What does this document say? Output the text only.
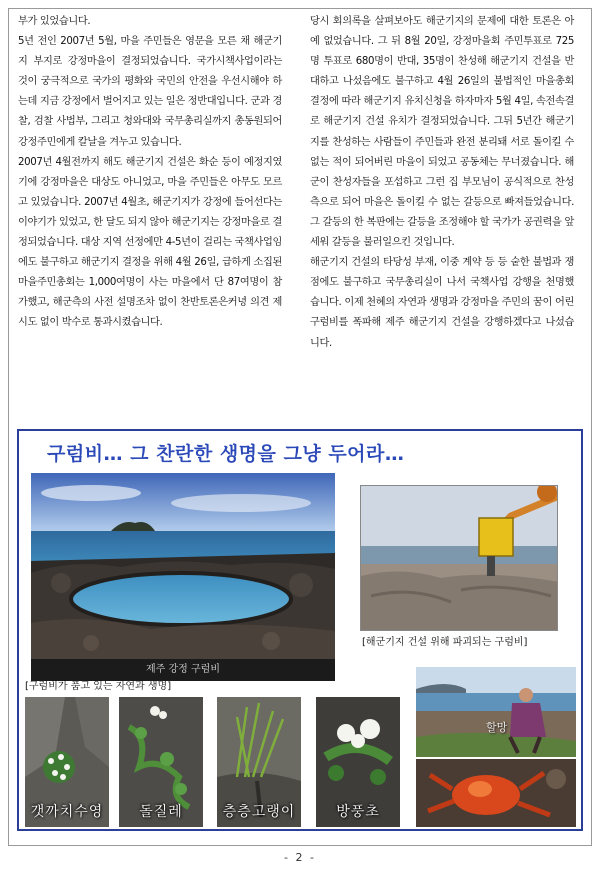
부가 있었습니다.

5년 전인 2007년 5월, 마을 주민들은 영문을 모른 채 해군기지 부지로 강정마을이 결정되었습니다. 국가시책사업이라는 것이 궁극적으로 국가의 평화와 국민의 안전을 우선시해야 하는데 지금 강정에서 벌어지고 있는 일은 정반대입니다. 군과 경찰, 검찰 사법부, 그리고 청와대와 국무총리실까지 총동원되어 강정주민에게 칼날을 겨누고 있습니다.

2007년 4월전까지 해도 해군기지 건설은 화순 등이 예정지였기에 강정마을은 대상도 아니었고, 마을 주민들은 아무도 모르고 있었습니다. 2007년 4월초, 해군기지가 강정에 들어선다는 이야기가 있었고, 한 달도 되지 않아 해군기지는 강정마을로 결정되었습니다. 대상 지역 선정에만 4-5년이 걸리는 국책사업임에도 불구하고 해군기지 결정을 위해 4월 26일, 급하게 소집된 마을주민총회는 1,000여명이 사는 마을에서 단 87여명이 참가했고, 해군측의 사전 설명조차 없이 찬반토론은커녕 의견 제시도 없이 박수로 통과시켰습니다.

당시 회의록을 살펴보아도 해군기지의 문제에 대한 토론은 아예 없었습니다. 그 뒤 8월 20일, 강정마을회 주민투표로 725명 투표로 680명이 반대, 35명이 찬성해 해군기지 건설을 반대하고 나섰음에도 불구하고 4월 26일의 불법적인 마을총회 결정에 따라 해군기지 유치신청을 하자마자 5월 4일, 속전속결로 해군기지 건설 유치가 결정되었습니다. 그뒤 5년간 해군기지를 찬성하는 사람들이 주민들과 완전 분리돼 서로 돌이킬 수 없는 적이 되어버린 마을이 되었고 공동체는 무너졌습니다. 해군이 찬성자들을 포섭하고 그런 집 부모님이 공식적으로 찬성측으로 되어 마을은 돌이킬 수 없는 갈등으로 빠져들었습니다. 그 갈등의 한 복판에는 갈등을 조정해야 할 국가가 공권력을 앞세워 갈등을 불러일으킨 것입니다.

해군기지 건설의 타당성 부재, 이중 계약 등 등 숱한 불법과 쟁점에도 불구하고 국무총리실이 나서 국책사업 강행을 천명했습니다. 이제 천혜의 자연과 생명과 강정마을 주민의 꿈이 어린 구럼비를 폭파해 제주 해군기지 건설을 강행하겠다고 나섰습니다.

구럼비… 그 찬란한 생명을 그냥 두어라…
제주 강정 구럼비
[해군기지 건설 위해 파괴되는 구럼비]
[구럼비가 품고 있는 자연과 생명]
갯까치수영	돌질레	층층고랭이	방풍초
할망
- 2 -
